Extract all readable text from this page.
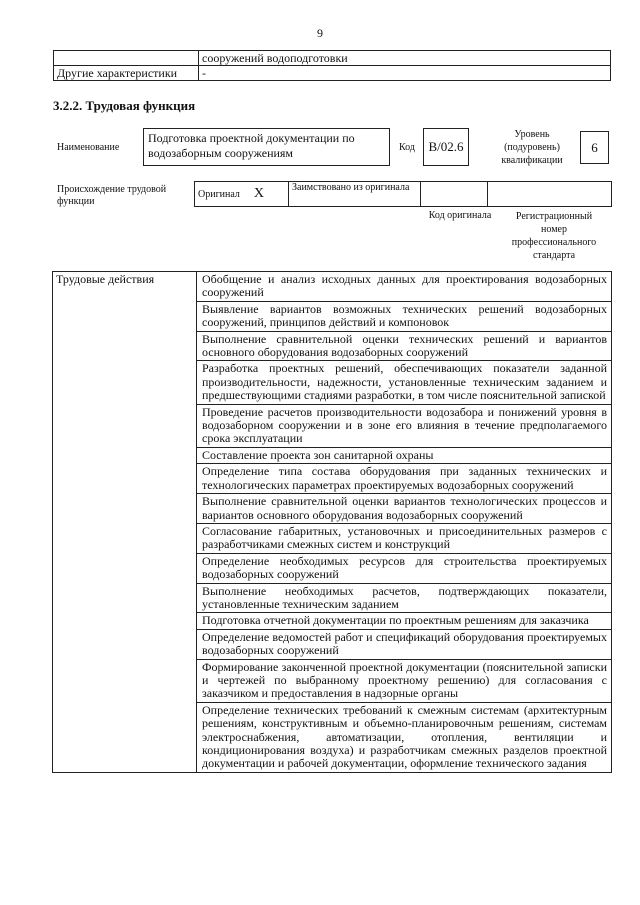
9
	сооружений водоподготовки
Другие характеристики	-
3.2.2. Трудовая функция
Наименование
Подготовка проектной документации по водозаборным сооружениям	Код	B/02.6
Уровень (подуровень) квалификации
6
Происхождение трудовой функции
Оригинал X	Заимствовано из оригинала		
Код оригинала	Регистрационный номер профессионального стандарта
Трудовые действия	Обобщение и анализ исходных данных для проектирования водозаборных сооружений
Выявление вариантов возможных технических решений водозаборных сооружений, принципов действий и компоновок
Выполнение сравнительной оценки технических решений и вариантов основного оборудования водозаборных сооружений
Разработка проектных решений, обеспечивающих показатели заданной производительности, надежности, установленные техническим заданием и предшествующими стадиями разработки, в том числе пояснительной запиской
Проведение расчетов производительности водозабора и понижений уровня в водозаборном сооружении и в зоне его влияния в течение предполагаемого срока эксплуатации
Составление проекта зон санитарной охраны
Определение типа состава оборудования при заданных технических и технологических параметрах проектируемых водозаборных сооружений
Выполнение сравнительной оценки вариантов технологических процессов и вариантов основного оборудования водозаборных сооружений
Согласование габаритных, установочных и присоединительных размеров с разработчиками смежных систем и конструкций
Определение необходимых ресурсов для строительства проектируемых водозаборных сооружений
Выполнение необходимых расчетов, подтверждающих показатели, установленные техническим заданием
Подготовка отчетной документации по проектным решениям для заказчика
Определение ведомостей работ и спецификаций оборудования проектируемых водозаборных сооружений
Формирование законченной проектной документации (пояснительной записки и чертежей по выбранному проектному решению) для согласования с заказчиком и предоставления в надзорные органы
Определение технических требований к смежным системам (архитектурным решениям, конструктивным и объемно-планировочным решениям, системам электроснабжения, автоматизации, отопления, вентиляции и кондиционирования воздуха) и разработчикам смежных разделов проектной документации и рабочей документации, оформление технического задания
